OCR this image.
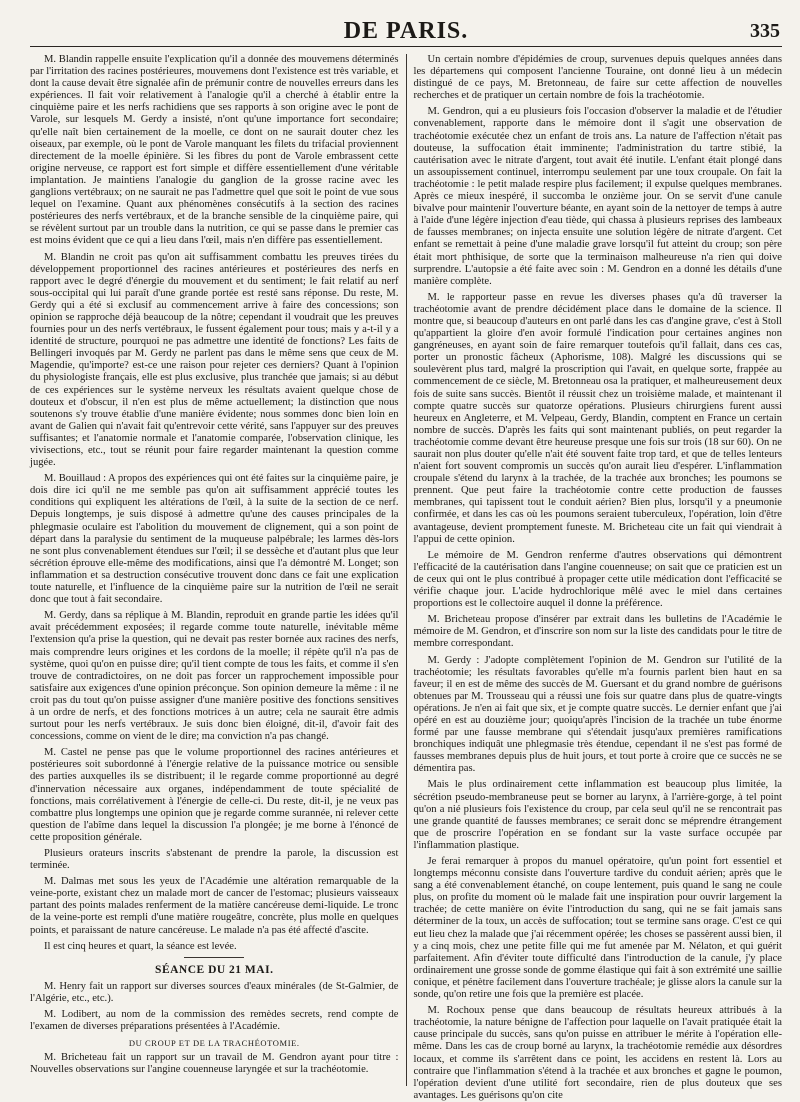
DE PARIS.	335

M. Blandin rappelle ensuite l'explication qu'il a donnée des mouvemens déterminés par l'irritation des racines postérieures, mouvemens dont l'existence est très variable, et dont la cause devait être signalée afin de prémunir contre de nouvelles erreurs dans les expériences. Il fait voir relativement à l'analogie qu'il a cherché à établir entre la cinquième paire et les nerfs rachidiens que ses rapports à son origine avec le pont de Varole, sur lesquels M. Gerdy a insisté, n'ont qu'une importance fort secondaire; qu'elle naît bien certainement de la moelle, ce dont on ne saurait douter chez les oiseaux, par exemple, où le pont de Varole manquant les filets du trifacial proviennent directement de la moelle épinière. Si les fibres du pont de Varole embrassent cette origine nerveuse, ce rapport est fort simple et diffère essentiellement d'une véritable implantation. Je maintiens l'analogie du ganglion de la grosse racine avec les ganglions vertébraux; on ne saurait ne pas l'admettre quel que soit le point de vue sous lequel on l'examine. Quant aux phénomènes consécutifs à la section des racines postérieures des nerfs vertébraux, et de la branche sensible de la cinquième paire, qui se révèlent surtout par un trouble dans la nutrition, ce qui se passe dans le premier cas est moins évident que ce qui a lieu dans l'œil, mais n'en diffère pas essentiellement.

M. Blandin ne croit pas qu'on ait suffisamment combattu les preuves tirées du développement proportionnel des racines antérieures et postérieures des nerfs en rapport avec le degré d'énergie du mouvement et du sentiment; le fait relatif au nerf sous-occipital qui lui paraît d'une grande portée est resté sans réponse. Du reste, M. Gerdy qui a été si exclusif au commencement arrive à faire des concessions; son opinion se rapproche déjà beaucoup de la nôtre; cependant il voudrait que les preuves fournies pour un des nerfs vertébraux, le fussent également pour tous; mais y a-t-il y a identité de structure, pourquoi ne pas admettre une identité de fonctions? Les faits de Bellingeri invoqués par M. Gerdy ne parlent pas dans le même sens que ceux de M. Magendie, qu'importe? est-ce une raison pour rejeter ces derniers? Quant à l'opinion du physiologiste français, elle est plus exclusive, plus tranchée que jamais; si au début de ces expériences sur le système nerveux les résultats avaient quelque chose de douteux et d'obscur, il n'en est plus de même actuellement; la distinction que nous soutenons s'y trouve établie d'une manière évidente; nous sommes donc bien loin en avant de Galien qui n'avait fait qu'entrevoir cette vérité, sans l'appuyer sur des preuves suffisantes; et l'anatomie normale et l'anatomie comparée, l'observation clinique, les vivisections, etc., tout se réunit pour faire regarder maintenant la question comme jugée.

M. Bouillaud : A propos des expériences qui ont été faites sur la cinquième paire, je dois dire ici qu'il ne me semble pas qu'on ait suffisamment apprécié toutes les conditions qui expliquent les altérations de l'œil, à la suite de la section de ce nerf. Depuis longtemps, je suis disposé à admettre qu'une des causes principales de la phlegmasie oculaire est l'abolition du mouvement de clignement, qui a son point de départ dans la paralysie du sentiment de la muqueuse palpébrale; les larmes dès-lors ne sont plus convenablement étendues sur l'œil; il se dessèche et d'autant plus que leur sécrétion éprouve elle-même des modifications, ainsi que l'a démontré M. Longet; son inflammation et sa destruction consécutive trouvent donc dans ce fait une explication toute naturelle, et l'influence de la cinquième paire sur la nutrition de l'œil ne serait donc que tout à fait secondaire.

M. Gerdy, dans sa réplique à M. Blandin, reproduit en grande partie les idées qu'il avait précédemment exposées; il regarde comme toute naturelle, inévitable même l'extension qu'a prise la question, qui ne devait pas rester bornée aux racines des nerfs, mais comprendre leurs origines et les cordons de la moelle; il répète qu'il n'a pas de système, quoi qu'on en puisse dire; qu'il tient compte de tous les faits, et comme il s'en trouve de contradictoires, on ne doit pas forcer un rapprochement impossible pour satisfaire aux exigences d'une opinion préconçue. Son opinion demeure la même : il ne croit pas du tout qu'on puisse assigner d'une manière positive des fonctions sensitives à un ordre de nerfs, et des fonctions motrices à un autre; cela ne saurait être admis surtout pour les nerfs vertébraux. Je suis donc bien éloigné, dit-il, d'avoir fait des concessions, comme on vient de le dire; ma conviction n'a pas changé.

M. Castel ne pense pas que le volume proportionnel des racines antérieures et postérieures soit subordonné à l'énergie relative de la puissance motrice ou sensible des parties auxquelles ils se distribuent; il le regarde comme proportionné au degré d'innervation nécessaire aux organes, indépendamment de toute spécialité de fonctions, mais corrélativement à l'énergie de celle-ci. Du reste, dit-il, je ne veux pas combattre plus longtemps une opinion que je regarde comme surannée, ni relever cette question de l'abîme dans lequel la discussion l'a plongée; je me borne à l'énoncé de cette proposition générale.

Plusieurs orateurs inscrits s'abstenant de prendre la parole, la discussion est terminée.

M. Dalmas met sous les yeux de l'Académie une altération remarquable de la veine-porte, existant chez un malade mort de cancer de l'estomac; plusieurs vaisseaux partant des points malades renferment de la matière cancéreuse demi-liquide. Le tronc de la veine-porte est rempli d'une matière rougeâtre, concrète, plus molle en quelques points, et paraissant de nature cancéreuse. Le malade n'a pas été affecté d'ascite.

Il est cinq heures et quart, la séance est levée.

SÉANCE DU 21 MAI.

M. Henry fait un rapport sur diverses sources d'eaux minérales (de St-Galmier, de l'Algérie, etc., etc.).

M. Lodibert, au nom de la commission des remèdes secrets, rend compte de l'examen de diverses préparations présentées à l'Académie.

DU CROUP ET DE LA TRACHÉOTOMIE.

M. Bricheteau fait un rapport sur un travail de M. Gendron ayant pour titre : Nouvelles observations sur l'angine couenneuse laryngée et sur la trachéotomie.

Un certain nombre d'épidémies de croup, survenues depuis quelques années dans les départemens qui composent l'ancienne Touraine, ont donné lieu à un médecin distingué de ce pays, M. Bretonneau, de faire sur cette affection de nouvelles recherches et de pratiquer un certain nombre de fois la trachéotomie.

M. Gendron, qui a eu plusieurs fois l'occasion d'observer la maladie et de l'étudier convenablement, rapporte dans le mémoire dont il s'agit une observation de trachéotomie exécutée chez un enfant de trois ans. La nature de l'affection n'était pas douteuse, la suffocation était imminente; l'administration du tartre stibié, la cautérisation avec le nitrate d'argent, tout avait été inutile. L'enfant était plongé dans un assoupissement continuel, interrompu seulement par une toux croupale. On fait la trachéotomie : le petit malade respire plus facilement; il expulse quelques membranes. Après ce mieux inespéré, il succomba le onzième jour. On se servit d'une canule bivalve pour maintenir l'ouverture béante, en ayant soin de la nettoyer de temps à autre à l'aide d'une légère injection d'eau tiède, qui chassa à plusieurs reprises des lambeaux de fausses membranes; on injecta ensuite une solution légère de nitrate d'argent. Cet enfant se remettait à peine d'une maladie grave lorsqu'il fut atteint du croup; son père était mort phthisique, de sorte que la terminaison malheureuse n'a rien qui doive surprendre. L'autopsie a été faite avec soin : M. Gendron en a donné les détails d'une manière complète.

M. le rapporteur passe en revue les diverses phases qu'a dû traverser la trachéotomie avant de prendre décidément place dans le domaine de la science. Il montre que, si beaucoup d'auteurs en ont parlé dans les cas d'angine grave, c'est à Stoll qu'appartient la gloire d'en avoir formulé l'indication pour certaines angines non gangréneuses, en ayant soin de faire remarquer toutefois qu'il fallait, dans ces cas, porter un pronostic fâcheux (Aphorisme, 108). Malgré les discussions qui se soulevèrent plus tard, malgré la proscription qui l'avait, en quelque sorte, frappée au commencement de ce siècle, M. Bretonneau osa la pratiquer, et malheureusement deux fois de suite sans succès. Bientôt il réussit chez un troisième malade, et maintenant il compte quatre succès sur quatorze opérations. Plusieurs chirurgiens furent aussi heureux en Angleterre, et M. Velpeau, Gerdy, Blandin, comptent en France un certain nombre de succès. D'après les faits qui sont maintenant publiés, on peut regarder la trachéotomie comme devant être heureuse presque une fois sur trois (18 sur 60). On ne saurait non plus douter qu'elle n'ait été souvent faite trop tard, et que de telles lenteurs n'aient fort souvent compromis un succès qu'on aurait lieu d'espérer. L'inflammation croupale s'étend du larynx à la trachée, de la trachée aux bronches; les poumons se prennent. Que peut faire la trachéotomie contre cette production de fausses membranes, qui tapissent tout le conduit aérien? Bien plus, lorsqu'il y a pneumonie confirmée, et dans les cas où les poumons seraient tuberculeux, l'opération, loin d'être avantageuse, devient promptement funeste. M. Bricheteau cite un fait qui viendrait à l'appui de cette opinion.

Le mémoire de M. Gendron renferme d'autres observations qui démontrent l'efficacité de la cautérisation dans l'angine couenneuse; on sait que ce praticien est un de ceux qui ont le plus contribué à propager cette utile médication dont l'efficacité se vérifie chaque jour. L'acide hydrochlorique mêlé avec le miel dans certaines proportions est le collectoire auquel il donne la préférence.

M. Bricheteau propose d'insérer par extrait dans les bulletins de l'Académie le mémoire de M. Gendron, et d'inscrire son nom sur la liste des candidats pour le titre de membre correspondant.

M. Gerdy : J'adopte complètement l'opinion de M. Gendron sur l'utilité de la trachéotomie; les résultats favorables qu'elle m'a fournis parlent bien haut en sa faveur; il en est de même des succès de M. Guersant et du grand nombre de guérisons obtenues par M. Trousseau qui a réussi une fois sur quatre dans plus de quatre-vingts opérations. Je n'en ai fait que six, et je compte quatre succès. Le dernier enfant que j'ai opéré en est au douzième jour; quoiqu'après l'incision de la trachée un tube énorme formé par une fausse membrane qui s'étendait jusqu'aux premières ramifications bronchiques indiquât une phlegmasie très étendue, cependant il ne s'est pas formé de fausses membranes depuis plus de huit jours, et tout porte à croire que ce succès ne se démentira pas.

Mais le plus ordinairement cette inflammation est beaucoup plus limitée, la sécrétion pseudo-membraneuse peut se borner au larynx, à l'arrière-gorge, à tel point qu'on a nié plusieurs fois l'existence du croup, par cela seul qu'il ne se rencontrait pas une grande quantité de fausses membranes; ce serait donc se méprendre étrangement que de proscrire l'opération en se fondant sur la vaste surface occupée par l'inflammation plastique.

Je ferai remarquer à propos du manuel opératoire, qu'un point fort essentiel et longtemps méconnu consiste dans l'ouverture tardive du conduit aérien; après que le sang a été convenablement étanché, on coupe lentement, puis quand le sang ne coule plus, on profite du moment où le malade fait une inspiration pour ouvrir largement la trachée; de cette manière on évite l'introduction du sang, qui ne se fait jamais sans déterminer de la toux, un accès de suffocation; tout se termine sans orage. C'est ce qui eut lieu chez la malade que j'ai récemment opérée; les choses se passèrent aussi bien, il y a cinq mois, chez une petite fille qui me fut amenée par M. Nélaton, et qui guérit parfaitement. Afin d'éviter toute difficulté dans l'introduction de la canule, j'y place ordinairement une grosse sonde de gomme élastique qui fait à son extrémité une saillie conique, et pénètre facilement dans l'ouverture trachéale; je glisse alors la canule sur la sonde, qu'on retire une fois que la première est placée.

M. Rochoux pense que dans beaucoup de résultats heureux attribués à la trachéotomie, la nature bénigne de l'affection pour laquelle on l'avait pratiquée était la cause principale du succès, sans qu'on puisse en attribuer le mérite à l'opération elle-même. Dans les cas de croup borné au larynx, la trachéotomie remédie aux désordres locaux, et comme ils s'arrêtent dans ce point, les accidens en restent là. Lors au contraire que l'inflammation s'étend à la trachée et aux bronches et gagne le poumon, l'opération devient d'une utilité fort secondaire, rien de plus douteux que ses avantages. Les guérisons qu'on cite
